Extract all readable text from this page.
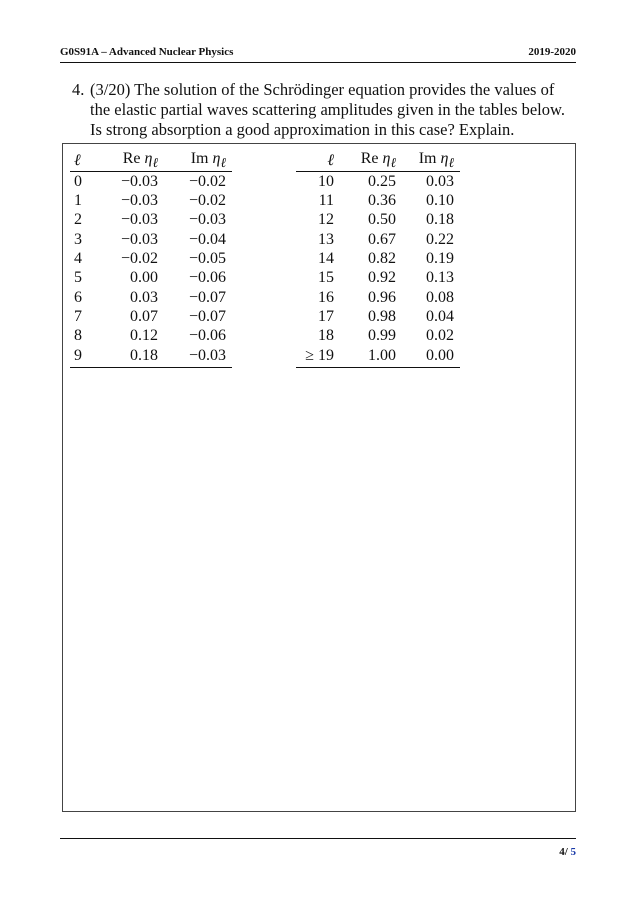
G0S91A – Advanced Nuclear Physics	2019-2020
4. (3/20) The solution of the Schrödinger equation provides the values of the elastic partial waves scattering amplitudes given in the tables below.

Is strong absorption a good approximation in this case? Explain.

ℓ	Re $\eta_\ell$	Im $\eta_\ell$
0	−0.03	−0.02
1	−0.03	−0.02
2	−0.03	−0.03
3	−0.03	−0.04
4	−0.02	−0.05
5	0.00	−0.06
6	0.03	−0.07
7	0.07	−0.07
8	0.12	−0.06
9	0.18	−0.03
ℓ	Re $\eta_\ell$	Im $\eta_\ell$
10	0.25	0.03
11	0.36	0.10
12	0.50	0.18
13	0.67	0.22
14	0.82	0.19
15	0.92	0.13
16	0.96	0.08
17	0.98	0.04
18	0.99	0.02
≥ 19	1.00	0.00
4/ 5
